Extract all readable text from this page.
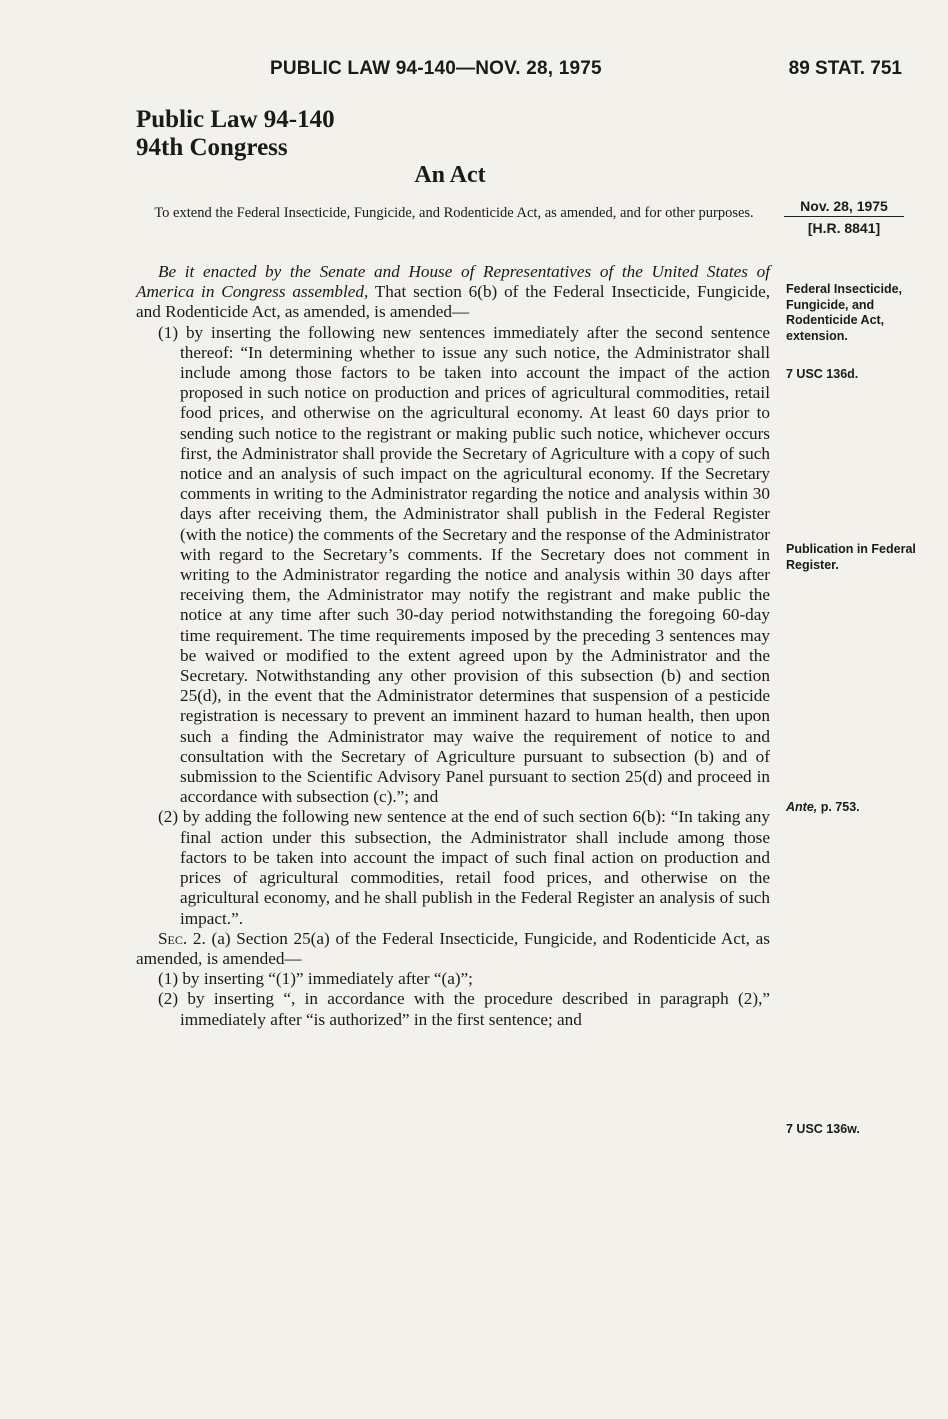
PUBLIC LAW 94-140—NOV. 28, 1975	89 STAT. 751
Public Law 94-140
94th Congress
An Act
To extend the Federal Insecticide, Fungicide, and Rodenticide Act, as amended, and for other purposes.	Nov. 28, 1975
[H.R. 8841]

Be it enacted by the Senate and House of Representatives of the United States of America in Congress assembled, That section 6(b) of the Federal Insecticide, Fungicide, and Rodenticide Act, as amended, is amended—

(1) by inserting the following new sentences immediately after the second sentence thereof: “In determining whether to issue any such notice, the Administrator shall include among those factors to be taken into account the impact of the action proposed in such notice on production and prices of agricultural commodities, retail food prices, and otherwise on the agricultural economy. At least 60 days prior to sending such notice to the registrant or making public such notice, whichever occurs first, the Administrator shall provide the Secretary of Agriculture with a copy of such notice and an analysis of such impact on the agricultural economy. If the Secretary comments in writing to the Administrator regarding the notice and analysis within 30 days after receiving them, the Administrator shall publish in the Federal Register (with the notice) the comments of the Secretary and the response of the Administrator with regard to the Secretary’s comments. If the Secretary does not comment in writing to the Administrator regarding the notice and analysis within 30 days after receiving them, the Administrator may notify the registrant and make public the notice at any time after such 30-day period notwithstanding the foregoing 60-day time requirement. The time requirements imposed by the preceding 3 sentences may be waived or modified to the extent agreed upon by the Administrator and the Secretary. Notwithstanding any other provision of this subsection (b) and section 25(d), in the event that the Administrator determines that suspension of a pesticide registration is necessary to prevent an imminent hazard to human health, then upon such a finding the Administrator may waive the requirement of notice to and consultation with the Secretary of Agriculture pursuant to subsection (b) and of submission to the Scientific Advisory Panel pursuant to section 25(d) and proceed in accordance with subsection (c).”; and

(2) by adding the following new sentence at the end of such section 6(b): “In taking any final action under this subsection, the Administrator shall include among those factors to be taken into account the impact of such final action on production and prices of agricultural commodities, retail food prices, and otherwise on the agricultural economy, and he shall publish in the Federal Register an analysis of such impact.”.

Sec. 2. (a) Section 25(a) of the Federal Insecticide, Fungicide, and Rodenticide Act, as amended, is amended—

(1) by inserting “(1)” immediately after “(a)”;

(2) by inserting “, in accordance with the procedure described in paragraph (2),” immediately after “is authorized” in the first sentence; and

Federal Insecticide, Fungicide, and Rodenticide Act, extension.
7 USC 136d.
Publication in Federal Register.
Ante, p. 753.
7 USC 136w.
